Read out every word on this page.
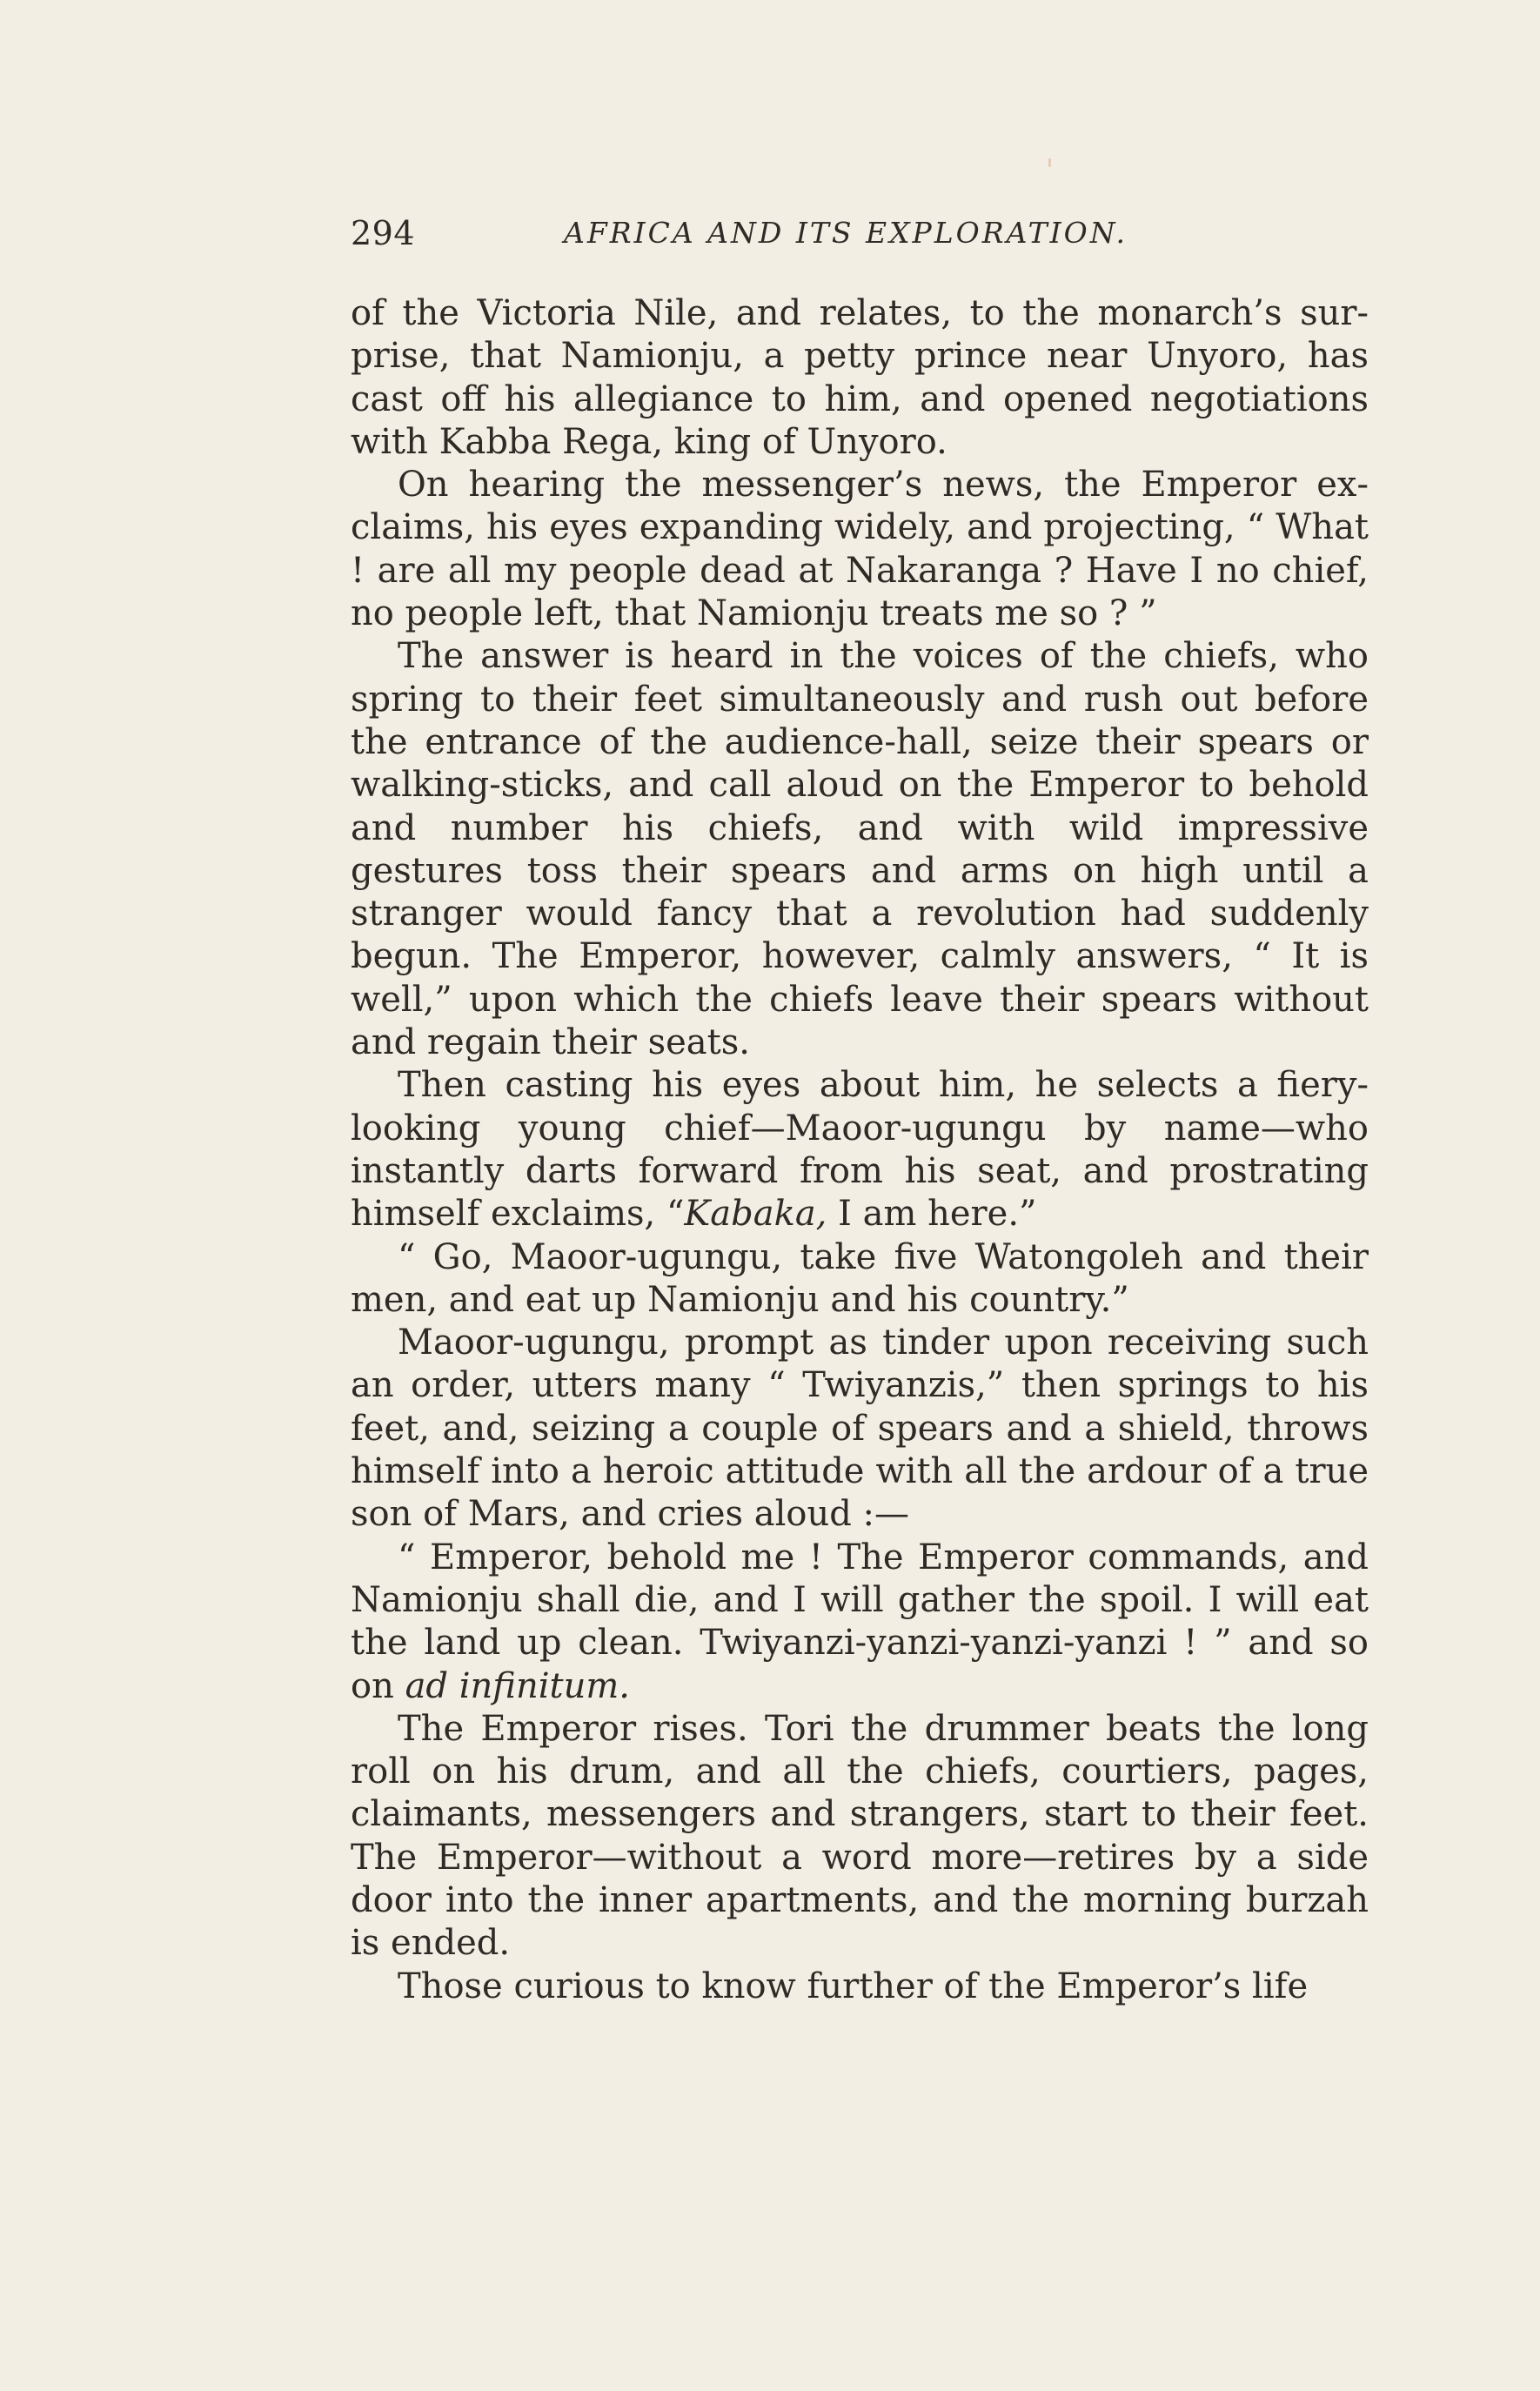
294	AFRICA AND ITS EXPLORATION.

of the Victoria Nile, and relates, to the monarch’s surprise, that Namionju, a petty prince near Unyoro, has cast off his allegiance to him, and opened negotiations with Kabba Rega, king of Unyoro.

On hearing the messenger’s news, the Emperor exclaims, his eyes expanding widely, and projecting, “ What ! are all my people dead at Nakaranga ? Have I no chief, no people left, that Namionju treats me so ? ”

The answer is heard in the voices of the chiefs, who spring to their feet simultaneously and rush out before the entrance of the audience-hall, seize their spears or walking-sticks, and call aloud on the Emperor to behold and number his chiefs, and with wild impressive gestures toss their spears and arms on high until a stranger would fancy that a revolution had suddenly begun. The Emperor, however, calmly answers, “ It is well,” upon which the chiefs leave their spears without and regain their seats.

Then casting his eyes about him, he selects a fiery-looking young chief—Maoor-ugungu by name—who instantly darts forward from his seat, and prostrating himself exclaims, “Kabaka, I am here.”

“ Go, Maoor-ugungu, take five Watongoleh and their men, and eat up Namionju and his country.”

Maoor-ugungu, prompt as tinder upon receiving such an order, utters many “ Twiyanzis,” then springs to his feet, and, seizing a couple of spears and a shield, throws himself into a heroic attitude with all the ardour of a true son of Mars, and cries aloud :—

“ Emperor, behold me ! The Emperor commands, and Namionju shall die, and I will gather the spoil. I will eat the land up clean. Twiyanzi-yanzi-yanzi-yanzi ! ” and so on ad infinitum.

The Emperor rises. Tori the drummer beats the long roll on his drum, and all the chiefs, courtiers, pages, claimants, messengers and strangers, start to their feet. The Emperor—without a word more—retires by a side door into the inner apartments, and the morning burzah is ended.

Those curious to know further of the Emperor’s life
